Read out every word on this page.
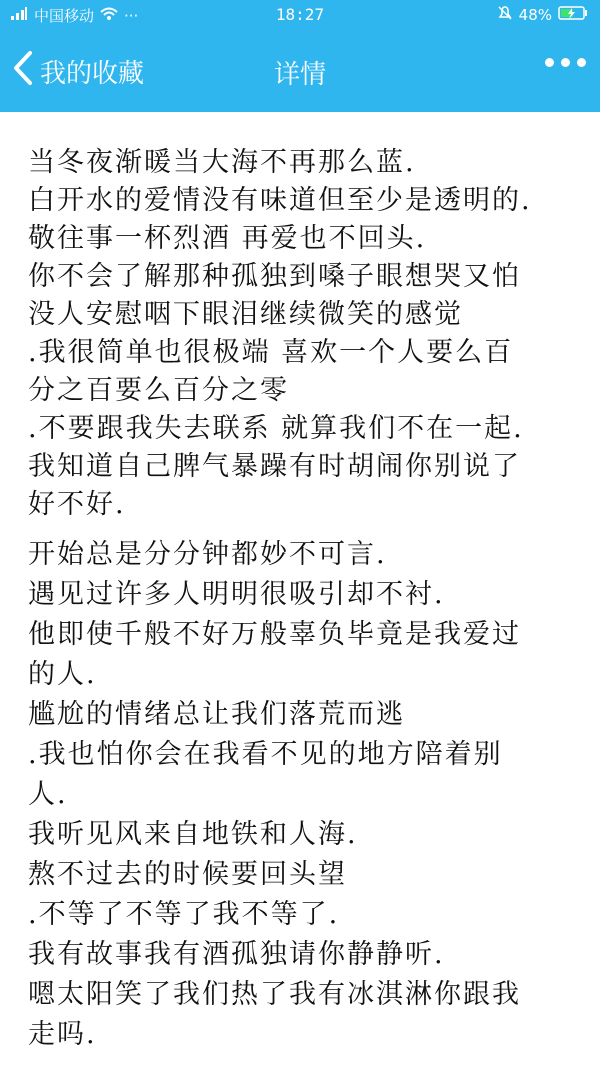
中国移动 ···	18:27	48%
我的收藏	详情
当冬夜渐暖当大海不再那么蓝.
白开水的爱情没有味道但至少是透明的.
敬往事一杯烈酒 再爱也不回头.
你不会了解那种孤独到嗓子眼想哭又怕
没人安慰咽下眼泪继续微笑的感觉
.我很简单也很极端 喜欢一个人要么百
分之百要么百分之零
.不要跟我失去联系 就算我们不在一起.
我知道自己脾气暴躁有时胡闹你别说了
好不好.
开始总是分分钟都妙不可言.
遇见过许多人明明很吸引却不衬.
他即使千般不好万般辜负毕竟是我爱过
的人.
尴尬的情绪总让我们落荒而逃
.我也怕你会在我看不见的地方陪着别
人.
我听见风来自地铁和人海.
熬不过去的时候要回头望
.不等了不等了我不等了.
我有故事我有酒孤独请你静静听.
嗯太阳笑了我们热了我有冰淇淋你跟我
走吗.
